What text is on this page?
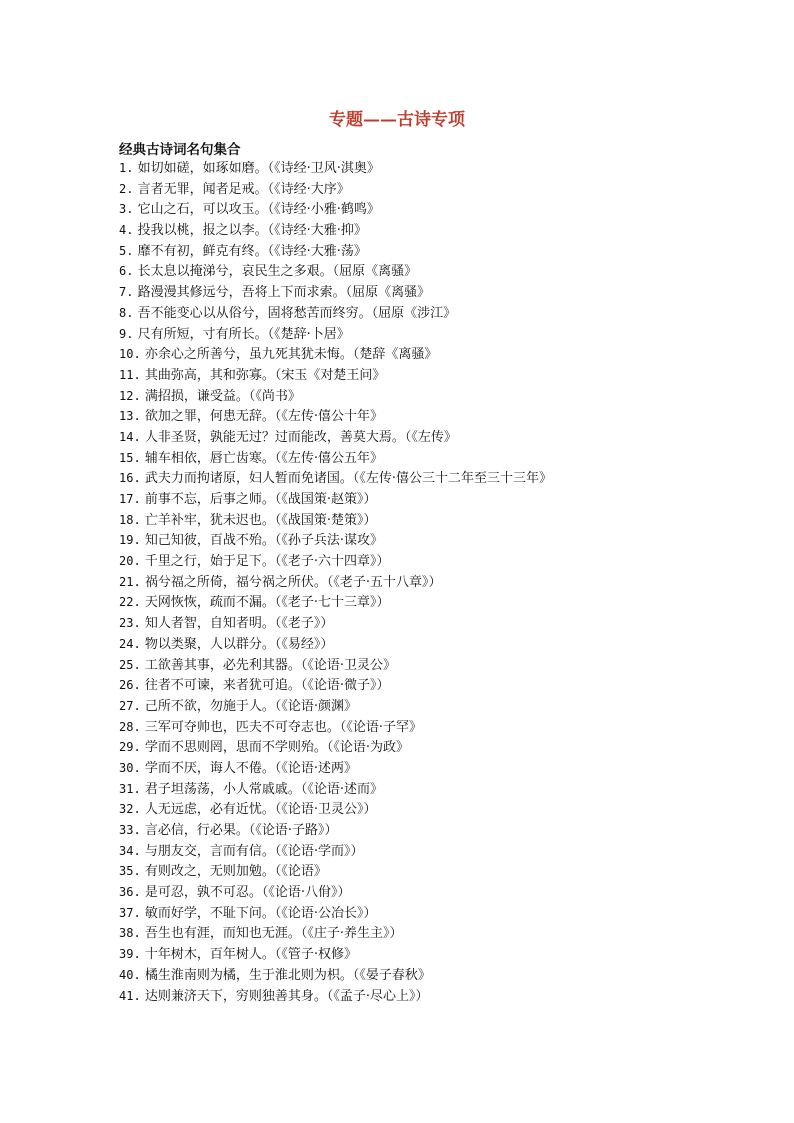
专题——古诗专项
经典古诗词名句集合
1. 如切如磋，如琢如磨。（《诗经·卫风·淇奥》
2. 言者无罪，闻者足戒。（《诗经·大序》
3. 它山之石，可以攻玉。（《诗经·小雅·鹤鸣》
4. 投我以桃，报之以李。（《诗经·大雅·抑》
5. 靡不有初，鲜克有终。（《诗经·大雅·荡》
6. 长太息以掩涕兮，哀民生之多艰。（屈原《离骚》
7. 路漫漫其修远兮，吾将上下而求索。（屈原《离骚》
8. 吾不能变心以从俗兮，固将愁苦而终穷。（屈原《涉江》
9. 尺有所短，寸有所长。（《楚辞·卜居》
10. 亦余心之所善兮，虽九死其犹未悔。（楚辞《离骚》
11. 其曲弥高，其和弥寡。（宋玉《对楚王问》
12. 满招损，谦受益。（《尚书》
13. 欲加之罪，何患无辞。（《左传·僖公十年》
14. 人非圣贤，孰能无过？过而能改，善莫大焉。（《左传》
15. 辅车相依，唇亡齿寒。（《左传·僖公五年》
16. 武夫力而拘诸原，妇人暂而免诸国。（《左传·僖公三十二年至三十三年》
17. 前事不忘，后事之师。（《战国策·赵策》）
18. 亡羊补牢，犹未迟也。（《战国策·楚策》）
19. 知己知彼，百战不殆。（《孙子兵法·谋攻》
20. 千里之行，始于足下。（《老子·六十四章》）
21. 祸兮福之所倚，福兮祸之所伏。（《老子·五十八章》）
22. 天网恢恢，疏而不漏。（《老子·七十三章》）
23. 知人者智，自知者明。（《老子》）
24. 物以类聚，人以群分。（《易经》）
25. 工欲善其事，必先利其器。（《论语·卫灵公》
26. 往者不可谏，来者犹可追。（《论语·微子》）
27. 己所不欲，勿施于人。（《论语·颜渊》
28. 三军可夺帅也，匹夫不可夺志也。（《论语·子罕》
29. 学而不思则罔，思而不学则殆。（《论语·为政》
30. 学而不厌，诲人不倦。（《论语·述两》
31. 君子坦荡荡，小人常戚戚。（《论语·述而》
32. 人无远虑，必有近忧。（《论语·卫灵公》）
33. 言必信，行必果。（《论语·子路》）
34. 与朋友交，言而有信。（《论语·学而》）
35. 有则改之，无则加勉。（《论语》
36. 是可忍，孰不可忍。（《论语·八佾》）
37. 敏而好学，不耻下问。（《论语·公冶长》）
38. 吾生也有涯，而知也无涯。（《庄子·养生主》）
39. 十年树木，百年树人。（《管子·权修》
40. 橘生淮南则为橘，生于淮北则为枳。（《晏子春秋》
41. 达则兼济天下，穷则独善其身。（《孟子·尽心上》）
